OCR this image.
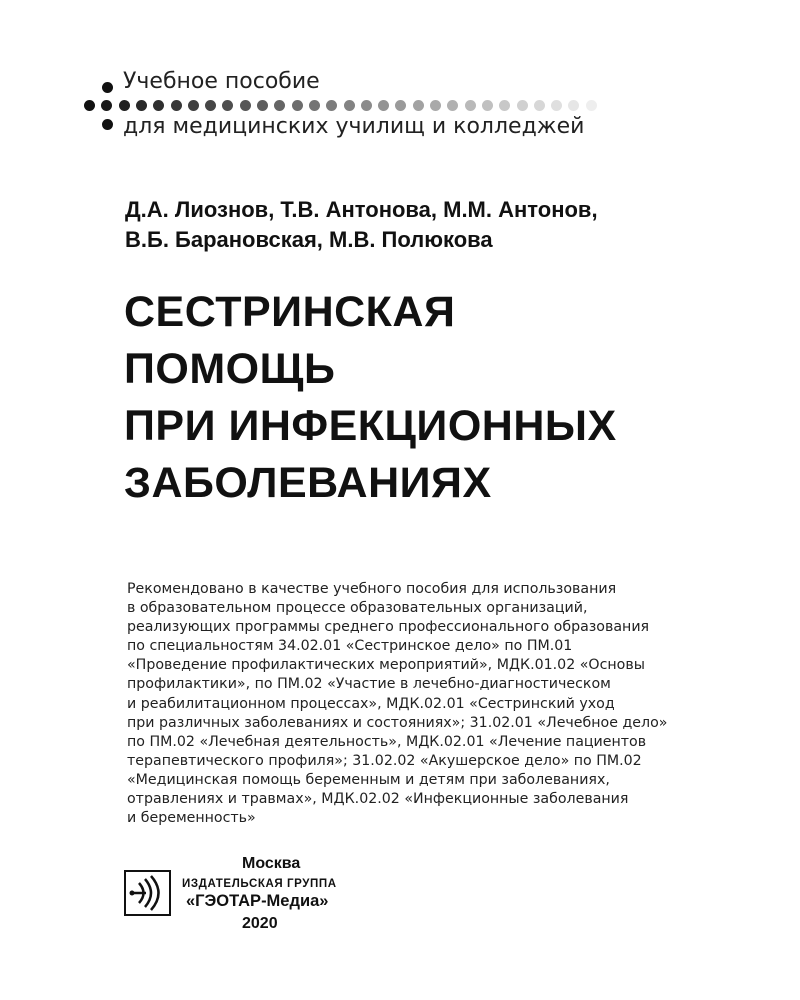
Учебное пособие
для медицинских училищ и колледжей
Д.А. Лиознов, Т.В. Антонова, М.М. Антонов,
В.Б. Барановская, М.В. Полюкова
СЕСТРИНСКАЯ
ПОМОЩЬ
ПРИ ИНФЕКЦИОННЫХ
ЗАБОЛЕВАНИЯХ
Рекомендовано в качестве учебного пособия для использования
в образовательном процессе образовательных организаций,
реализующих программы среднего профессионального образования
по специальностям 34.02.01 «Сестринское дело» по ПМ.01
«Проведение профилактических мероприятий», МДК.01.02 «Основы
профилактики», по ПМ.02 «Участие в лечебно-диагностическом
и реабилитационном процессах», МДК.02.01 «Сестринский уход
при различных заболеваниях и состояниях»; 31.02.01 «Лечебное дело»
по ПМ.02 «Лечебная деятельность», МДК.02.01 «Лечение пациентов
терапевтического профиля»; 31.02.02 «Акушерское дело» по ПМ.02
«Медицинская помощь беременным и детям при заболеваниях,
отравлениях и травмах», МДК.02.02 «Инфекционные заболевания
и беременность»
Москва
ИЗДАТЕЛЬСКАЯ ГРУППА
«ГЭОТАР-Медиа»
2020
